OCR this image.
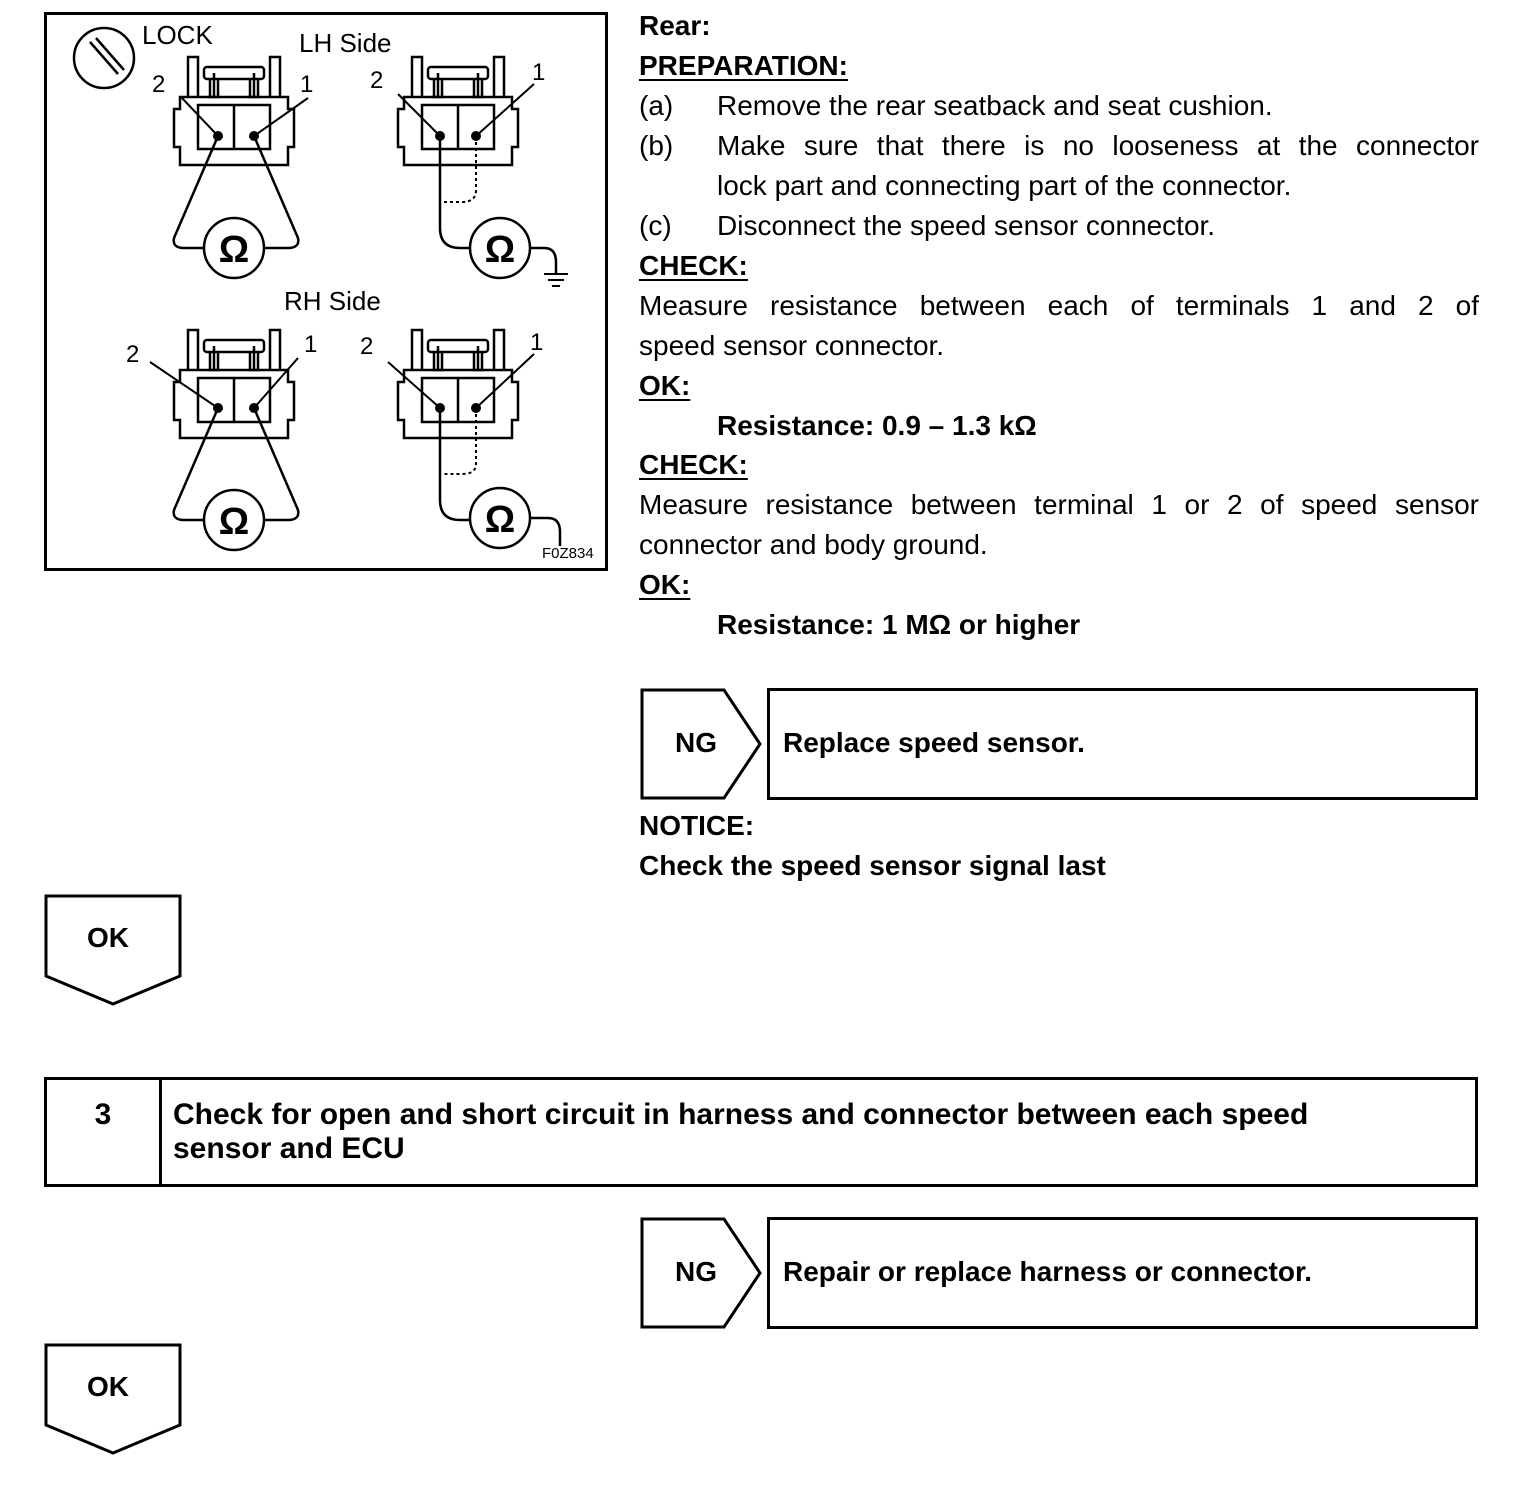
LOCK	LH Side
RH Side
2	1
Ω
2	1
Ω
2	1
Ω
2	1
Ω
F0Z834
Rear:
PREPARATION:
(a) Remove the rear seatback and seat cushion.
(b) Make sure that there is no looseness at the connector
lock part and connecting part of the connector.
(c) Disconnect the speed sensor connector.
CHECK:
Measure resistance between each of terminals 1 and 2 of
speed sensor connector.
OK:
Resistance: 0.9 – 1.3 kΩ
CHECK:
Measure resistance between terminal 1 or 2 of speed sensor
connector and body ground.
OK:
Resistance: 1 MΩ or higher
NG Replace speed sensor.
NOTICE:
Check the speed sensor signal last
OK
3	Check for open and short circuit in harness and connector between each speed
sensor and ECU
NG Repair or replace harness or connector.
OK
